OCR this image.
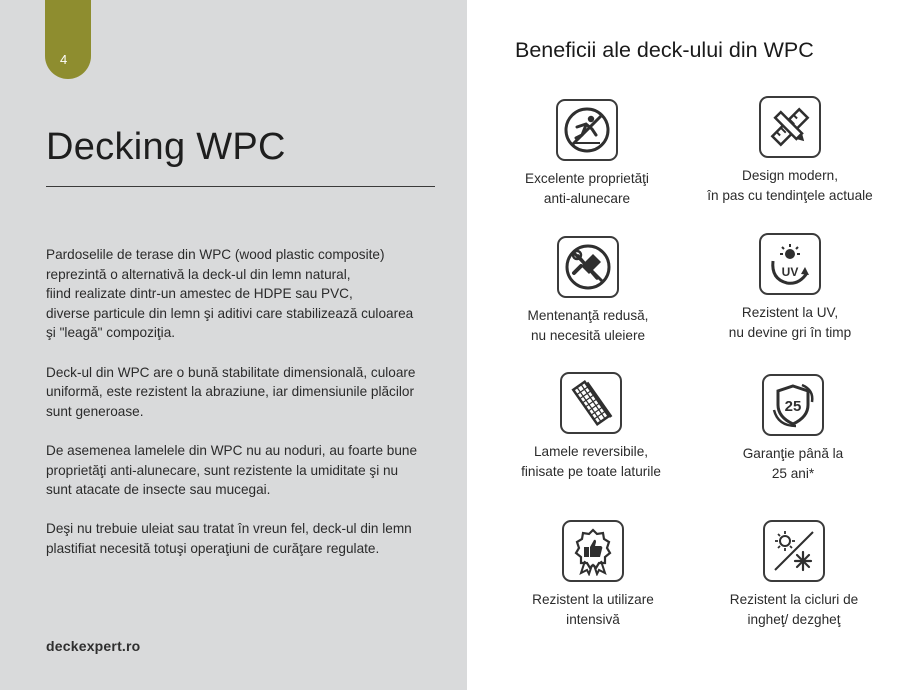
4
Decking WPC

Pardoselile de terase din WPC (wood plastic composite)
reprezintă o alternativă la deck-ul din lemn natural,
fiind realizate dintr-un amestec de HDPE sau PVC,
diverse particule din lemn şi aditivi care stabilizează culoarea
şi "leagă" compoziţia.

Deck-ul din WPC are o bună stabilitate dimensională, culoare
uniformă, este rezistent la abraziune, iar dimensiunile plăcilor
sunt generoase.

De asemenea lamelele din WPC nu au noduri, au foarte bune
proprietăţi anti-alunecare, sunt rezistente la umiditate şi nu
sunt atacate de insecte sau mucegai.

Deşi nu trebuie uleiat sau tratat în vreun fel, deck-ul din lemn
plastifiat necesită totuşi operaţiuni de curăţare regulate.

deckexpert.ro
Beneficii ale deck-ului din WPC
Excelente proprietăţi
anti-alunecare
Design modern,
în pas cu tendinţele actuale
Mentenanţă redusă,
nu necesită uleiere
UV
Rezistent la UV,
nu devine gri în timp
Lamele reversibile,
finisate pe toate laturile
25
Garanţie până la
25 ani*
Rezistent la utilizare
intensivă
Rezistent la cicluri de
ingheţ/ dezgheţ
